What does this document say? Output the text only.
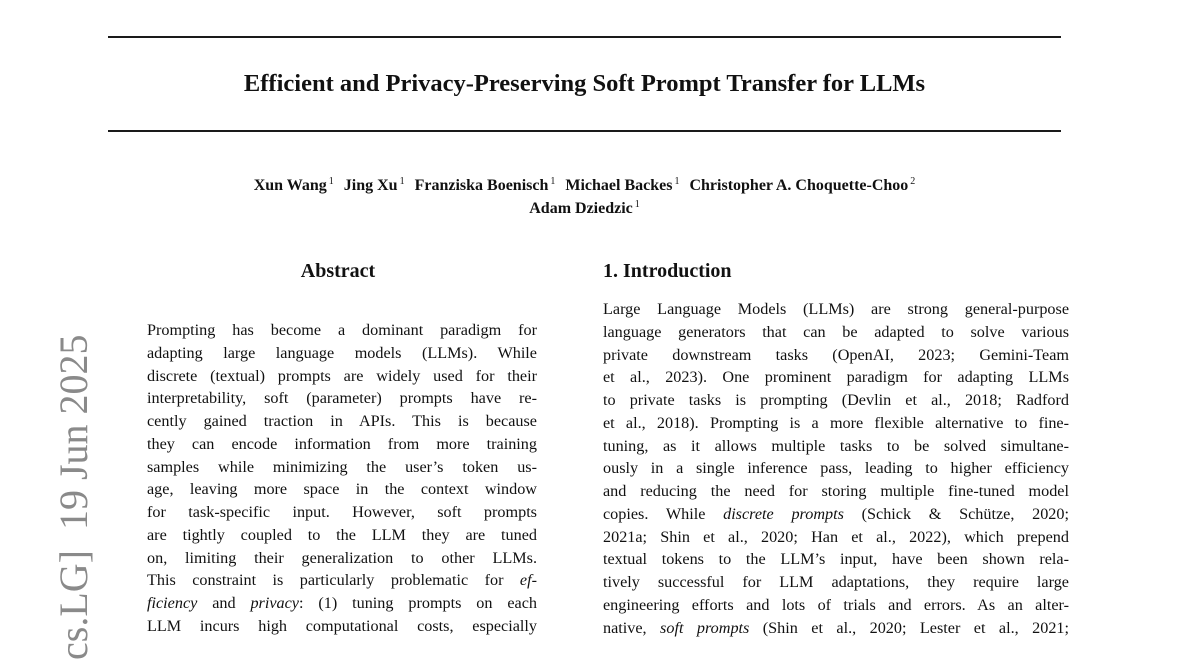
Efficient and Privacy-Preserving Soft Prompt Transfer for LLMs
Xun Wang $^1$ Jing Xu $^1$ Franziska Boenisch $^1$ Michael Backes $^1$ Christopher A. Choquette-Choo $^2$
Adam Dziedzic $^1$
cs.LG]  19 Jun 2025
Abstract
Prompting has become a dominant paradigm for
adapting large language models (LLMs). While
discrete (textual) prompts are widely used for their
interpretability, soft (parameter) prompts have re-
cently gained traction in APIs. This is because
they can encode information from more training
samples while minimizing the user’s token us-
age, leaving more space in the context window
for task-specific input. However, soft prompts
are tightly coupled to the LLM they are tuned
on, limiting their generalization to other LLMs.
This constraint is particularly problematic for ef-
ficiency and privacy: (1) tuning prompts on each
LLM incurs high computational costs, especially
1. Introduction
Large Language Models (LLMs) are strong general-purpose
language generators that can be adapted to solve various
private downstream tasks (OpenAI, 2023; Gemini-Team
et al., 2023). One prominent paradigm for adapting LLMs
to private tasks is prompting (Devlin et al., 2018; Radford
et al., 2018). Prompting is a more flexible alternative to fine-
tuning, as it allows multiple tasks to be solved simultane-
ously in a single inference pass, leading to higher efficiency
and reducing the need for storing multiple fine-tuned model
copies. While discrete prompts (Schick & Schütze, 2020;
2021a; Shin et al., 2020; Han et al., 2022), which prepend
textual tokens to the LLM’s input, have been shown rela-
tively successful for LLM adaptations, they require large
engineering efforts and lots of trials and errors. As an alter-
native, soft prompts (Shin et al., 2020; Lester et al., 2021;
